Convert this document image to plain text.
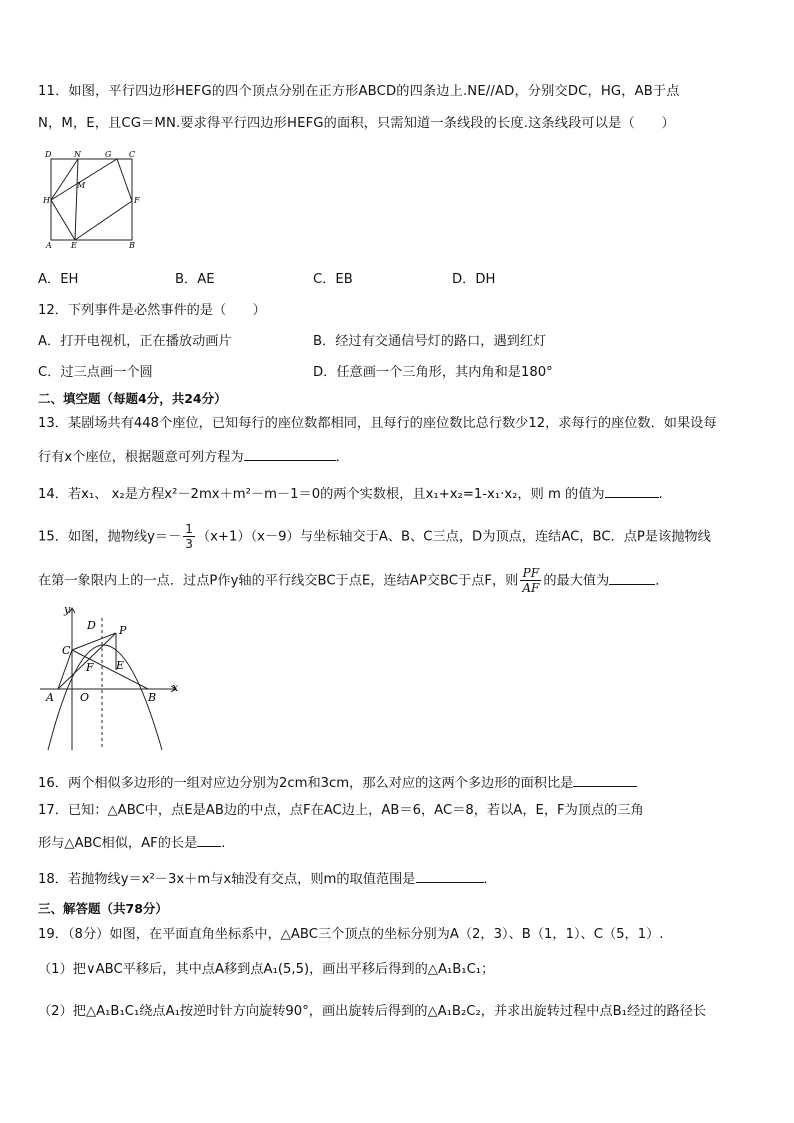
11．如图，平行四边形HEFG的四个顶点分别在正方形ABCD的四条边上.NE//AD，分别交DC，HG，AB于点
N，M，E，且CG＝MN.要求得平行四边形HEFG的面积，只需知道一条线段的长度.这条线段可以是（　　）
D	N	G C
M
H	F
A E	B
A．EH	B．AE	C．EB	D．DH
12．下列事件是必然事件的是（　　）
A．打开电视机，正在播放动画片	B．经过有交通信号灯的路口，遇到红灯
C．过三点画一个圆	D．任意画一个三角形，其内角和是180°
二、填空题（每题4分，共24分）
13．某剧场共有448个座位，已知每行的座位数都相同，且每行的座位数比总行数少12，求每行的座位数．如果设每
行有x个座位，根据题意可列方程为	．
14．若x₁、 x₂是方程x²－2mx＋m²－m－1＝0的两个实数根，且x₁+x₂=1-x₁·x₂，则 m 的值为	.
15．如图，抛物线$y=- \frac{1}{3} (x+1)(x-9)$与坐标轴交于A、B、C三点，D为顶点，连结AC，BC．点P是该抛物线
在第一象限内上的一点．过点P作y轴的平行线交BC于点E，连结AP交BC于点F，则 $\frac{PF}{AF}$ 的最大值为	．
y
D P
C
F E
A O	B
x
16．两个相似多边形的一组对应边分别为2cm和3cm，那么对应的这两个多边形的面积比是
17．已知：△ABC中，点E是AB边的中点，点F在AC边上，AB＝6，AC＝8，若以A，E，F为顶点的三角
形与△ABC相似，AF的长是 .
18．若抛物线y＝x²－3x＋m与x轴没有交点，则m的取值范围是	．
三、解答题（共78分）
19．（8分）如图，在平面直角坐标系中，△ABC三个顶点的坐标分别为A（2，3）、B（1，1）、C（5，1）.
（1）把∨ABC平移后，其中点A移到点A₁(5,5)，画出平移后得到的△A₁B₁C₁；
（2）把△A₁B₁C₁绕点A₁按逆时针方向旋转90°，画出旋转后得到的△A₁B₂C₂，并求出旋转过程中点B₁经过的路径长
